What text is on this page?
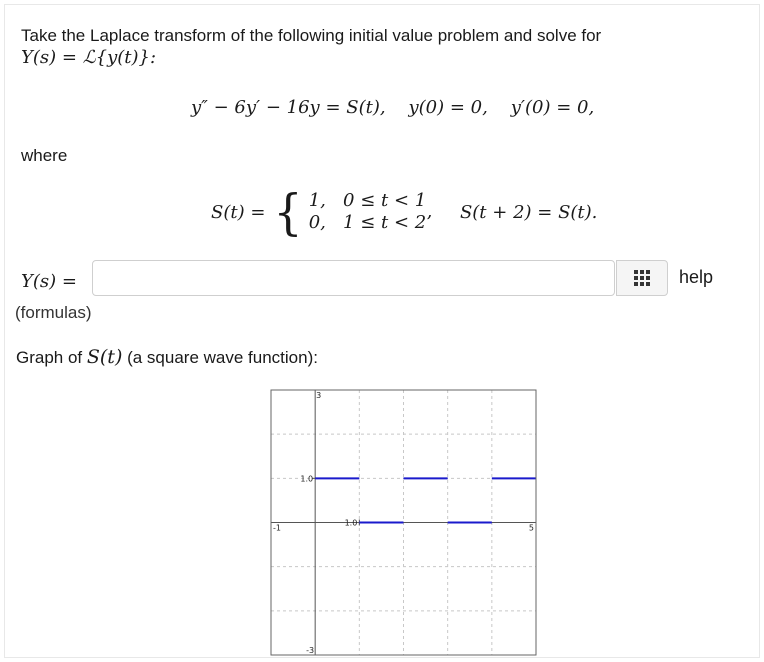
Take the Laplace transform of the following initial value problem and solve for
Y(s) = ℒ{y(t)}:
y″ − 6y′ − 16y = S(t),    y(0) = 0,    y′(0) = 0,
where
S(t) = { 1,   0 ≤ t < 1
0,   1 ≤ t < 2’ S(t + 2) = S(t).
Y(s) =	help
(formulas)
Graph of S(t) (a square wave function):
-1	5
3
-3
1.0
1.0
